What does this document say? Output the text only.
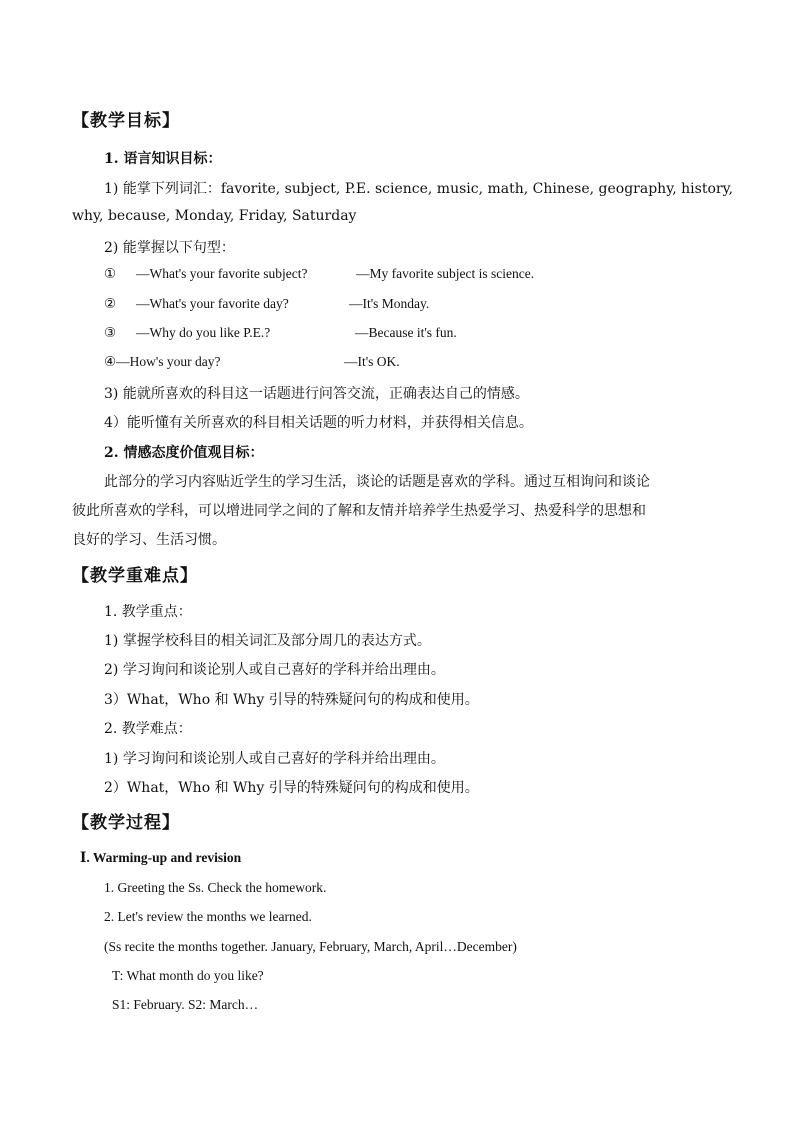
【教学目标】
1. 语言知识目标：
1) 能掌下列词汇：favorite, subject, P.E. science, music, math, Chinese, geography, history,
why, because, Monday, Friday, Saturday
2) 能掌握以下句型：
① —What's your favorite subject?	—My favorite subject is science.
② —What's your favorite day?	—It's Monday.
③ —Why do you like P.E.?	—Because it's fun.
④—How's your day?	—It's OK.
3) 能就所喜欢的科目这一话题进行问答交流，正确表达自己的情感。
4）能听懂有关所喜欢的科目相关话题的听力材料，并获得相关信息。
2. 情感态度价值观目标：
此部分的学习内容贴近学生的学习生活，谈论的话题是喜欢的学科。通过互相询问和谈论
彼此所喜欢的学科，可以增进同学之间的了解和友情并培养学生热爱学习、热爱科学的思想和
良好的学习、生活习惯。
【教学重难点】
1. 教学重点：
1) 掌握学校科目的相关词汇及部分周几的表达方式。
2) 学习询问和谈论别人或自己喜好的学科并给出理由。
3）What，Who 和 Why 引导的特殊疑问句的构成和使用。
2. 教学难点：
1) 学习询问和谈论别人或自己喜好的学科并给出理由。
2）What，Who 和 Why 引导的特殊疑问句的构成和使用。
【教学过程】
Ⅰ. Warming-up and revision
1. Greeting the Ss. Check the homework.
2. Let's review the months we learned.
(Ss recite the months together. January, February, March, April…December)
T: What month do you like?
S1: February. S2: March…
